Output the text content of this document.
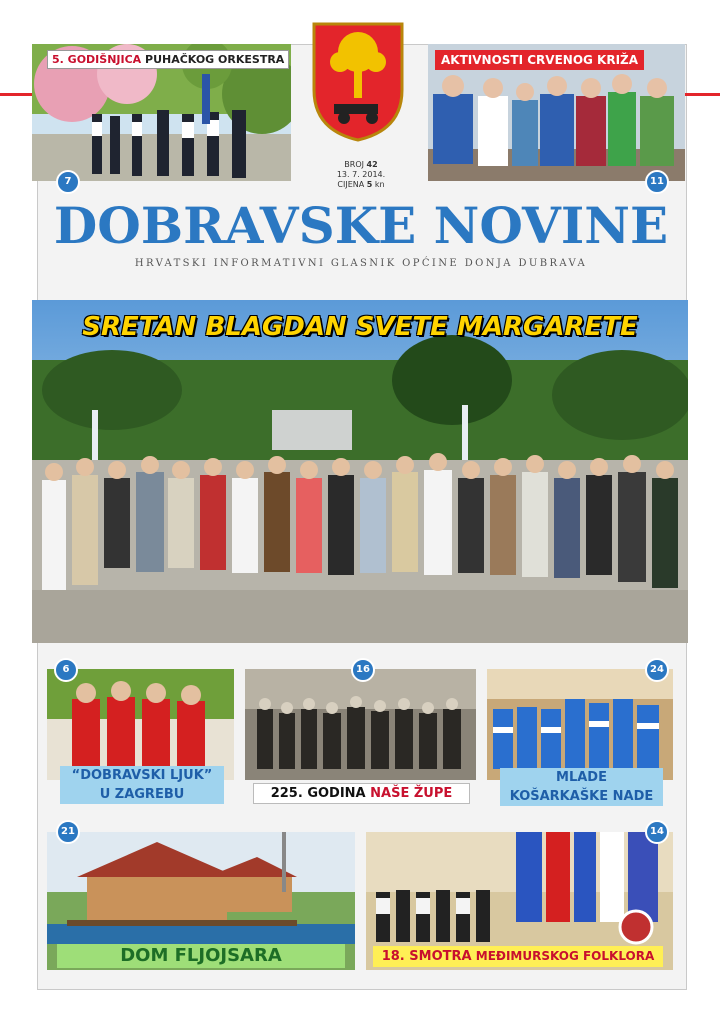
5. GODIŠNJICA PUHAČKOG ORKESTRA
7
AKTIVNOSTI CRVENOG KRIŽA
11
BROJ 42
13. 7. 2014.
CIJENA 5 kn
DOBRAVSKE NOVINE
HRVATSKI INFORMATIVNI GLASNIK OPĆINE DONJA DUBRAVA
SRETAN BLAGDAN SVETE MARGARETE
6
“DOBRAVSKI LJUK”
U ZAGREBU
16
225. GODINA NAŠE ŽUPE
24
MLADE
KOŠARKAŠKE NADE
21
DOM FLJOJSARA
14
18. SMOTRA MEĐIMURSKOG FOLKLORA
